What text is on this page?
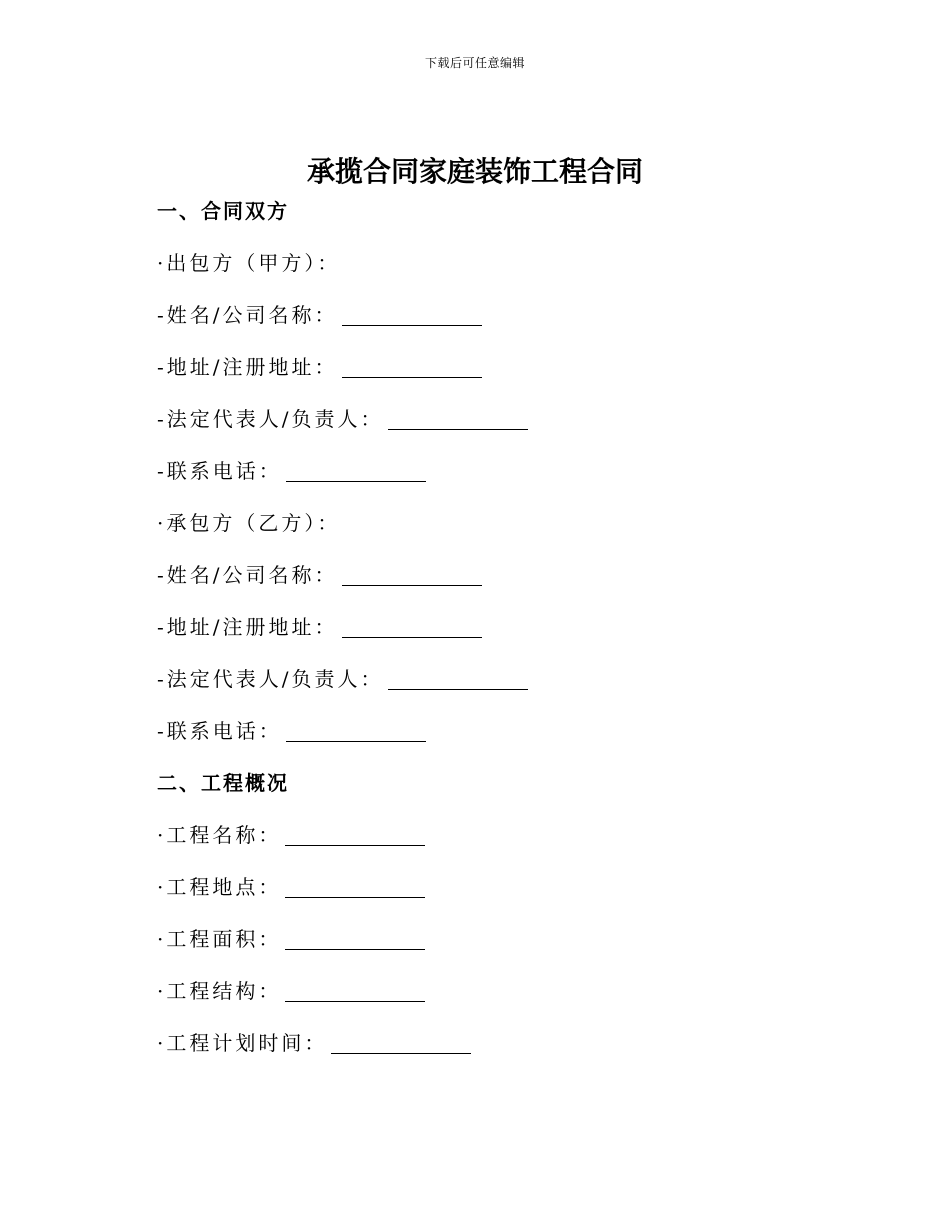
下载后可任意编辑
承揽合同家庭装饰工程合同
一、合同双方
·出包方（甲方）：
-姓名/公司名称：
-地址/注册地址：
-法定代表人/负责人：
-联系电话：
·承包方（乙方）：
-姓名/公司名称：
-地址/注册地址：
-法定代表人/负责人：
-联系电话：
二、工程概况
·工程名称：
·工程地点：
·工程面积：
·工程结构：
·工程计划时间：
